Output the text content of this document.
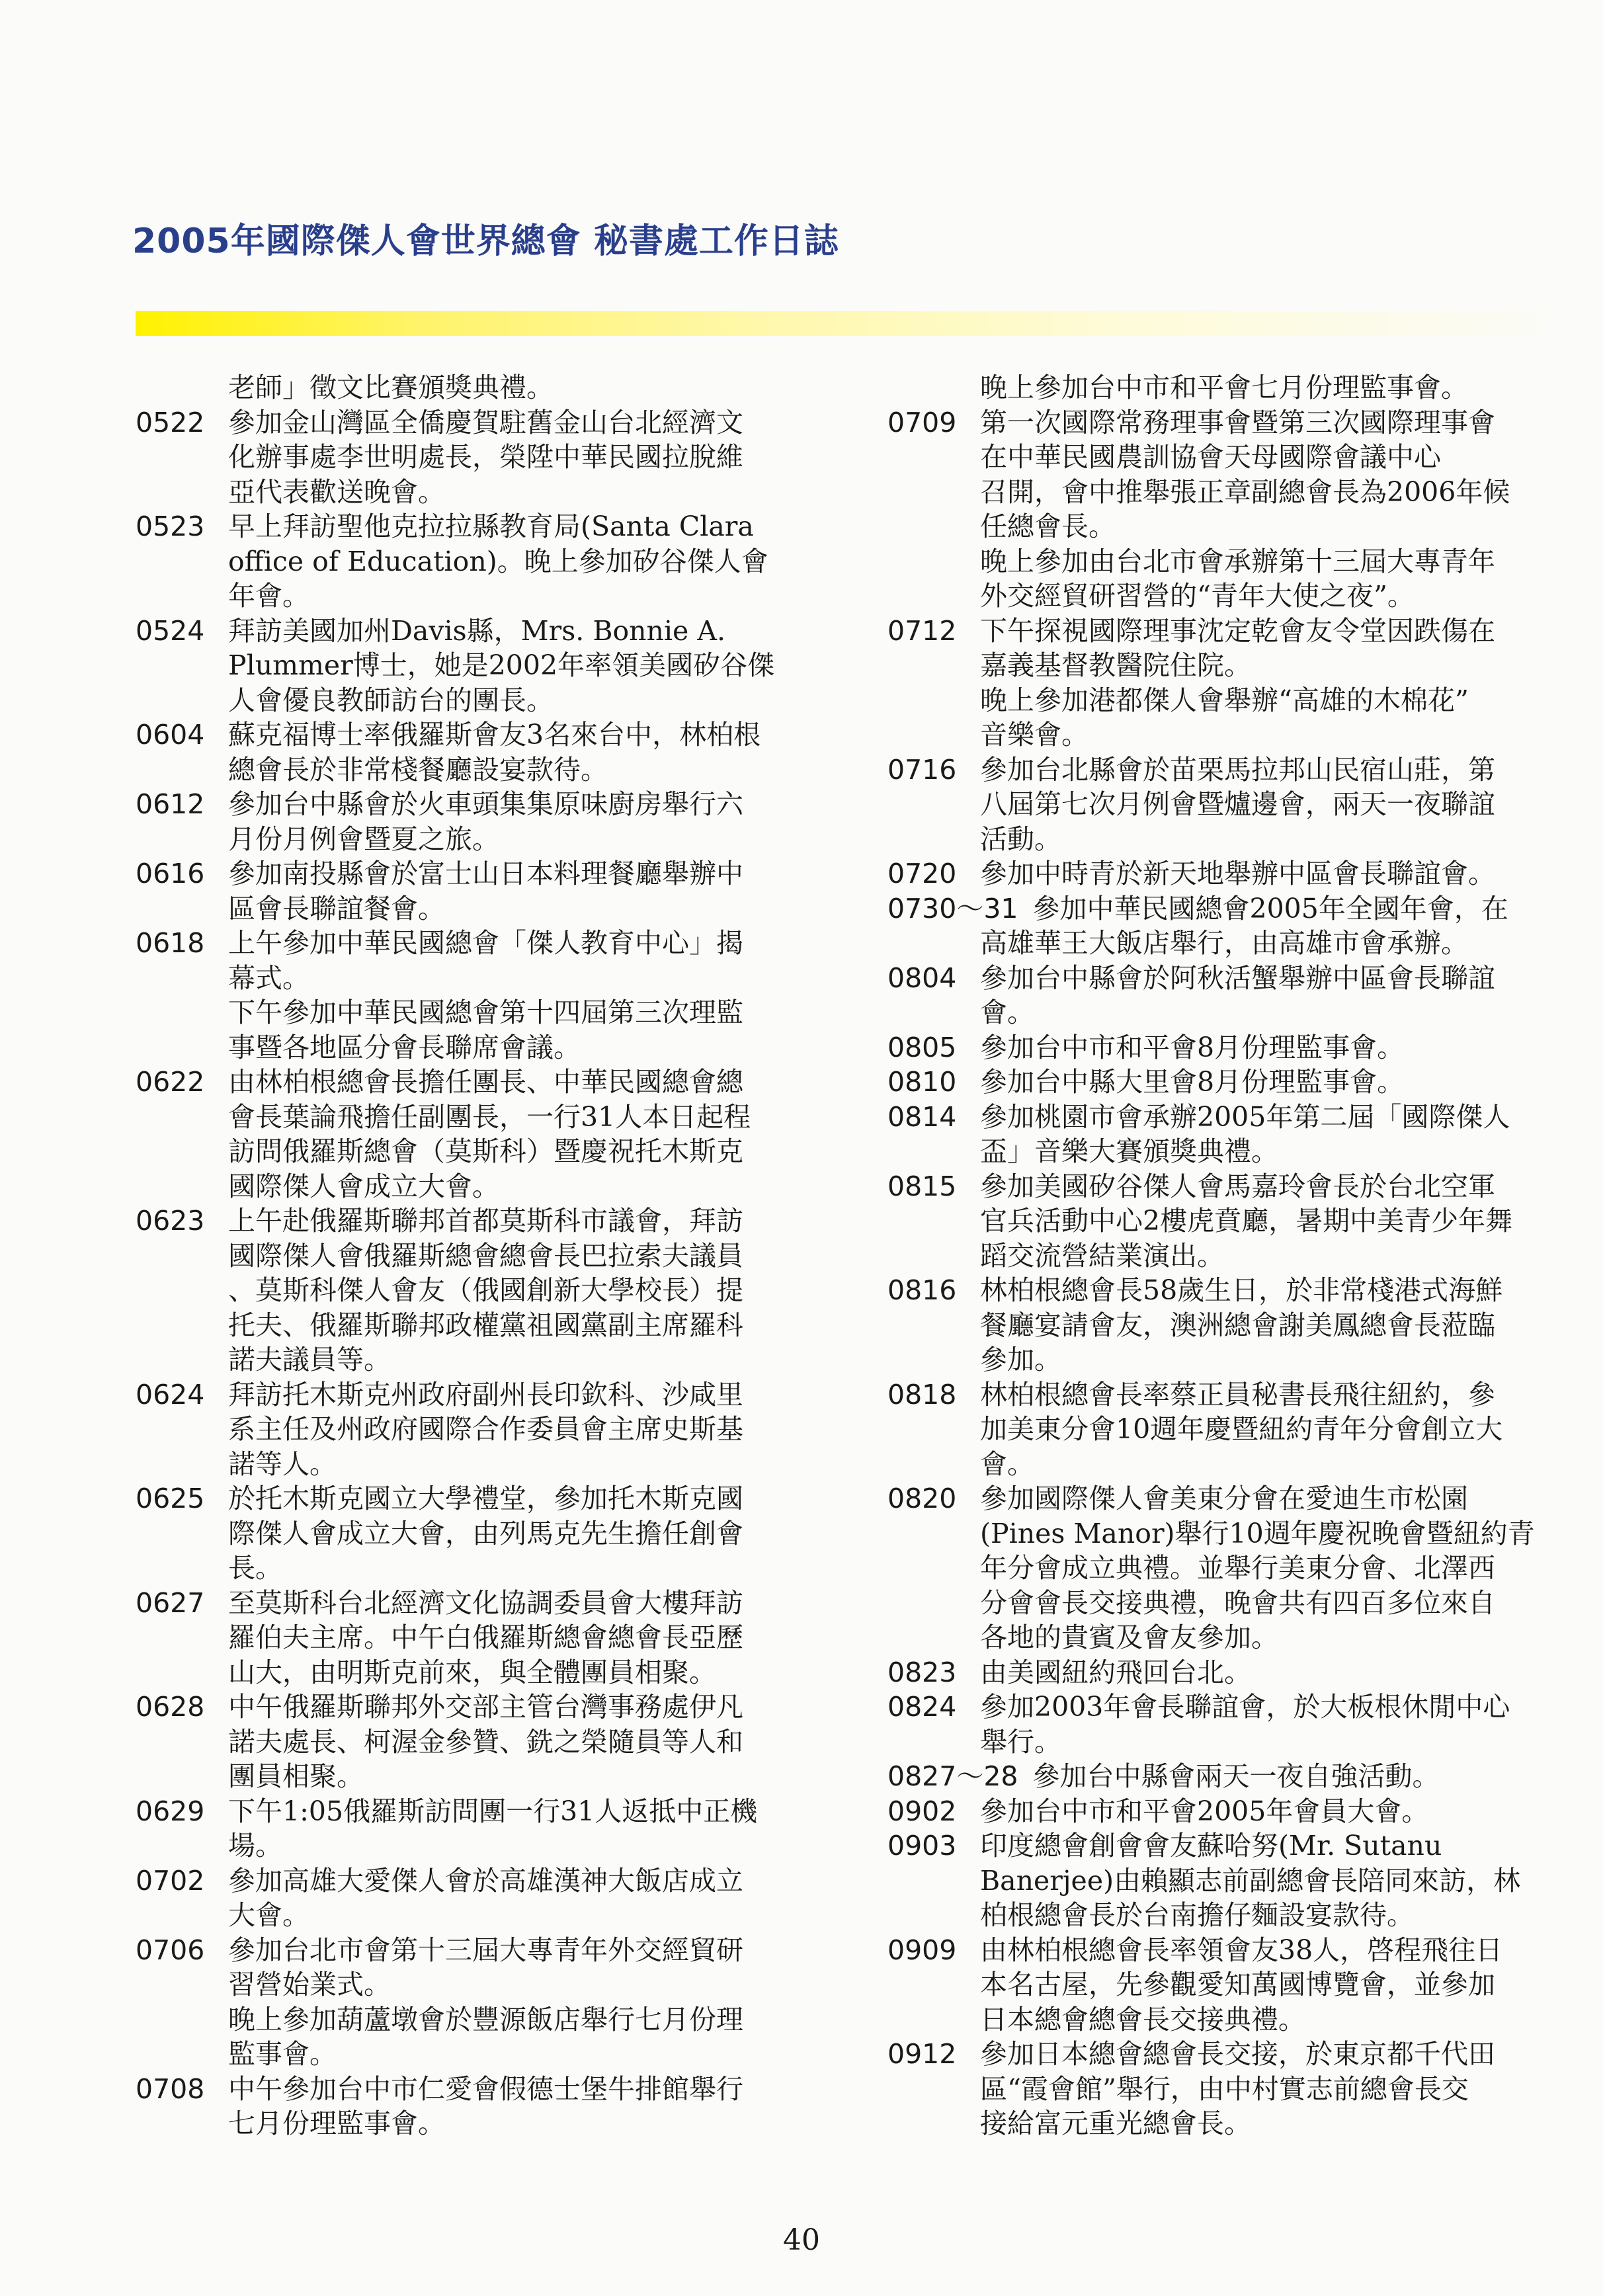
2005年國際傑人會世界總會 秘書處工作日誌
老師」徵文比賽頒獎典禮。
0522 參加金山灣區全僑慶賀駐舊金山台北經濟文
化辦事處李世明處長，榮陞中華民國拉脫維
亞代表歡送晚會。
0523 早上拜訪聖他克拉拉縣教育局(Santa Clara
office of Education)。晚上參加矽谷傑人會
年會。
0524 拜訪美國加州Davis縣，Mrs. Bonnie A.
Plummer博士，她是2002年率領美國矽谷傑
人會優良教師訪台的團長。
0604 蘇克福博士率俄羅斯會友3名來台中，林柏根
總會長於非常棧餐廳設宴款待。
0612 參加台中縣會於火車頭集集原味廚房舉行六
月份月例會暨夏之旅。
0616 參加南投縣會於富士山日本料理餐廳舉辦中
區會長聯誼餐會。
0618 上午參加中華民國總會「傑人教育中心」揭
幕式。
下午參加中華民國總會第十四屆第三次理監
事暨各地區分會長聯席會議。
0622 由林柏根總會長擔任團長、中華民國總會總
會長葉論飛擔任副團長，一行31人本日起程
訪問俄羅斯總會（莫斯科）暨慶祝托木斯克
國際傑人會成立大會。
0623 上午赴俄羅斯聯邦首都莫斯科市議會，拜訪
國際傑人會俄羅斯總會總會長巴拉索夫議員
、莫斯科傑人會友（俄國創新大學校長）提
托夫、俄羅斯聯邦政權黨祖國黨副主席羅科
諾夫議員等。
0624 拜訪托木斯克州政府副州長印欽科、沙咸里
系主任及州政府國際合作委員會主席史斯基
諾等人。
0625 於托木斯克國立大學禮堂，參加托木斯克國
際傑人會成立大會，由列馬克先生擔任創會
長。
0627 至莫斯科台北經濟文化協調委員會大樓拜訪
羅伯夫主席。中午白俄羅斯總會總會長亞歷
山大，由明斯克前來，與全體團員相聚。
0628 中午俄羅斯聯邦外交部主管台灣事務處伊凡
諾夫處長、柯渥金參贊、銑之榮隨員等人和
團員相聚。
0629 下午1:05俄羅斯訪問團一行31人返抵中正機
場。
0702 參加高雄大愛傑人會於高雄漢神大飯店成立
大會。
0706 參加台北市會第十三屆大專青年外交經貿研
習營始業式。
晚上參加葫蘆墩會於豐源飯店舉行七月份理
監事會。
0708 中午參加台中市仁愛會假德士堡牛排館舉行
七月份理監事會。
晚上參加台中市和平會七月份理監事會。
0709 第一次國際常務理事會暨第三次國際理事會
在中華民國農訓協會天母國際會議中心
召開，會中推舉張正章副總會長為2006年候
任總會長。
晚上參加由台北市會承辦第十三屆大專青年
外交經貿研習營的“青年大使之夜”。
0712 下午探視國際理事沈定乾會友令堂因跌傷在
嘉義基督教醫院住院。
晚上參加港都傑人會舉辦“高雄的木棉花”
音樂會。
0716 參加台北縣會於苗栗馬拉邦山民宿山莊，第
八屆第七次月例會暨爐邊會，兩天一夜聯誼
活動。
0720 參加中時青於新天地舉辦中區會長聯誼會。
0730～31 參加中華民國總會2005年全國年會，在
高雄華王大飯店舉行，由高雄市會承辦。
0804 參加台中縣會於阿秋活蟹舉辦中區會長聯誼
會。
0805 參加台中市和平會8月份理監事會。
0810 參加台中縣大里會8月份理監事會。
0814 參加桃園市會承辦2005年第二屆「國際傑人
盃」音樂大賽頒獎典禮。
0815 參加美國矽谷傑人會馬嘉玲會長於台北空軍
官兵活動中心2樓虎賁廳，暑期中美青少年舞
蹈交流營結業演出。
0816 林柏根總會長58歲生日，於非常棧港式海鮮
餐廳宴請會友，澳洲總會謝美鳳總會長蒞臨
參加。
0818 林柏根總會長率蔡正員秘書長飛往紐約，參
加美東分會10週年慶暨紐約青年分會創立大
會。
0820 參加國際傑人會美東分會在愛迪生市松園
(Pines Manor)舉行10週年慶祝晚會暨紐約青
年分會成立典禮。並舉行美東分會、北澤西
分會會長交接典禮，晚會共有四百多位來自
各地的貴賓及會友參加。
0823 由美國紐約飛回台北。
0824 參加2003年會長聯誼會，於大板根休閒中心
舉行。
0827～28 參加台中縣會兩天一夜自強活動。
0902 參加台中市和平會2005年會員大會。
0903 印度總會創會會友蘇哈努(Mr. Sutanu
Banerjee)由賴顯志前副總會長陪同來訪，林
柏根總會長於台南擔仔麵設宴款待。
0909 由林柏根總會長率領會友38人，啓程飛往日
本名古屋，先參觀愛知萬國博覽會，並參加
日本總會總會長交接典禮。
0912 參加日本總會總會長交接，於東京都千代田
區“霞會館”舉行，由中村實志前總會長交
接給富元重光總會長。
40
